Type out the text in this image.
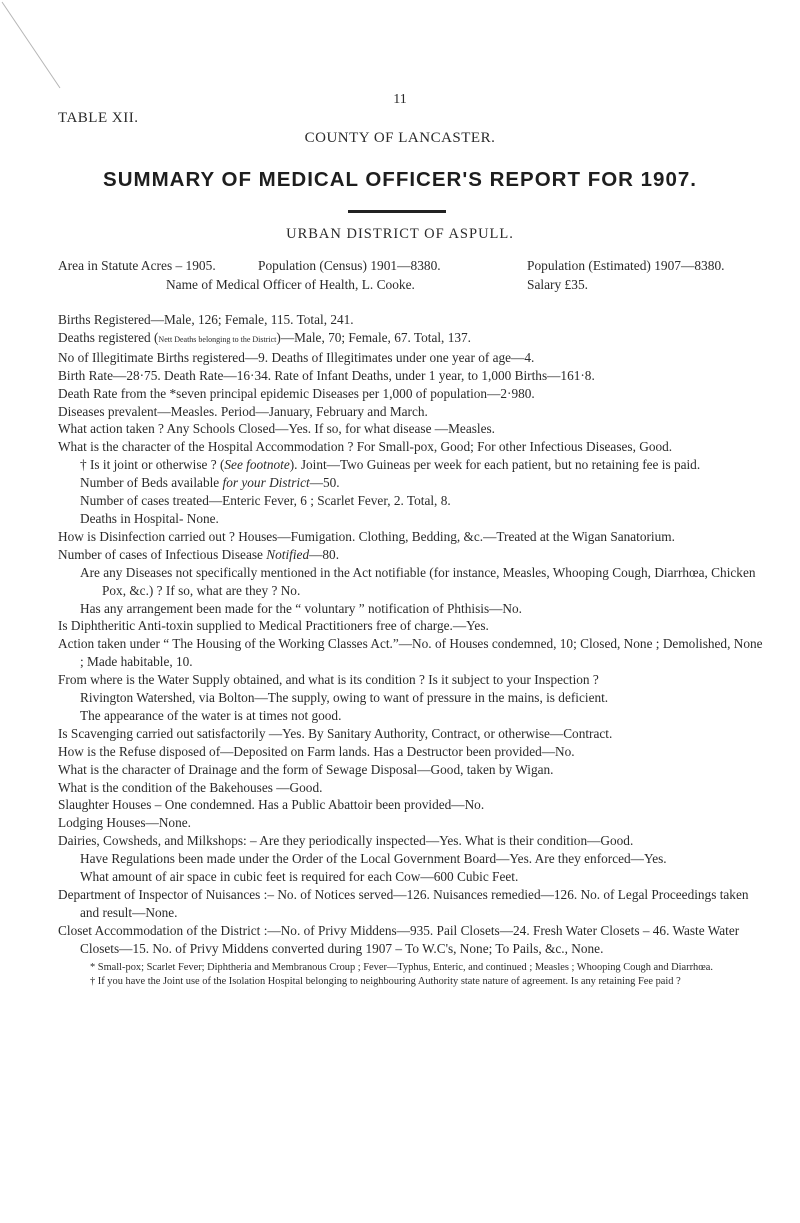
11
TABLE XII.
COUNTY OF LANCASTER.
SUMMARY OF MEDICAL OFFICER'S REPORT FOR 1907.
URBAN DISTRICT OF ASPULL.
Area in Statute Acres – 1905.	Population (Census) 1901—8380.	Population (Estimated) 1907—8380.
Name of Medical Officer of Health, L. Cooke.	Salary £35.

Births Registered—Male, 126; Female, 115. Total, 241.

Deaths registered (Nett Deaths belonging to the District)—Male, 70; Female, 67. Total, 137.

No of Illegitimate Births registered—9. Deaths of Illegitimates under one year of age—4.

Birth Rate—28·75. Death Rate—16·34. Rate of Infant Deaths, under 1 year, to 1,000 Births—161·8.

Death Rate from the *seven principal epidemic Diseases per 1,000 of population—2·980.

Diseases prevalent—Measles. Period—January, February and March.

What action taken ? Any Schools Closed—Yes. If so, for what disease —Measles.

What is the character of the Hospital Accommodation ? For Small-pox, Good; For other Infectious Diseases, Good.

† Is it joint or otherwise ? (See footnote). Joint—Two Guineas per week for each patient, but no retaining fee is paid.

Number of Beds available for your District—50.

Number of cases treated—Enteric Fever, 6 ; Scarlet Fever, 2. Total, 8.

Deaths in Hospital- None.

How is Disinfection carried out ? Houses—Fumigation. Clothing, Bedding, &c.—Treated at the Wigan Sanatorium.

Number of cases of Infectious Disease Notified—80.

Are any Diseases not specifically mentioned in the Act notifiable (for instance, Measles, Whooping Cough, Diarrhœa, Chicken Pox, &c.) ? If so, what are they ? No.

Has any arrangement been made for the “ voluntary ” notification of Phthisis—No.

Is Diphtheritic Anti-toxin supplied to Medical Practitioners free of charge.—Yes.

Action taken under “ The Housing of the Working Classes Act.”—No. of Houses condemned, 10; Closed, None ; Demolished, None ; Made habitable, 10.

From where is the Water Supply obtained, and what is its condition ? Is it subject to your Inspection ?

Rivington Watershed, via Bolton—The supply, owing to want of pressure in the mains, is deficient.

The appearance of the water is at times not good.

Is Scavenging carried out satisfactorily —Yes. By Sanitary Authority, Contract, or otherwise—Contract.

How is the Refuse disposed of—Deposited on Farm lands. Has a Destructor been provided—No.

What is the character of Drainage and the form of Sewage Disposal—Good, taken by Wigan.

What is the condition of the Bakehouses —Good.

Slaughter Houses – One condemned. Has a Public Abattoir been provided—No.

Lodging Houses—None.

Dairies, Cowsheds, and Milkshops: – Are they periodically inspected—Yes. What is their condition—Good.

Have Regulations been made under the Order of the Local Government Board—Yes. Are they enforced—Yes.

What amount of air space in cubic feet is required for each Cow—600 Cubic Feet.

Department of Inspector of Nuisances :– No. of Notices served—126. Nuisances remedied—126. No. of Legal Proceedings taken and result—None.

Closet Accommodation of the District :—No. of Privy Middens—935. Pail Closets—24. Fresh Water Closets – 46. Waste Water Closets—15. No. of Privy Middens converted during 1907 – To W.C's, None; To Pails, &c., None.

* Small-pox; Scarlet Fever; Diphtheria and Membranous Croup ; Fever—Typhus, Enteric, and continued ; Measles ; Whooping Cough and Diarrhœa.

† If you have the Joint use of the Isolation Hospital belonging to neighbouring Authority state nature of agreement. Is any retaining Fee paid ?
